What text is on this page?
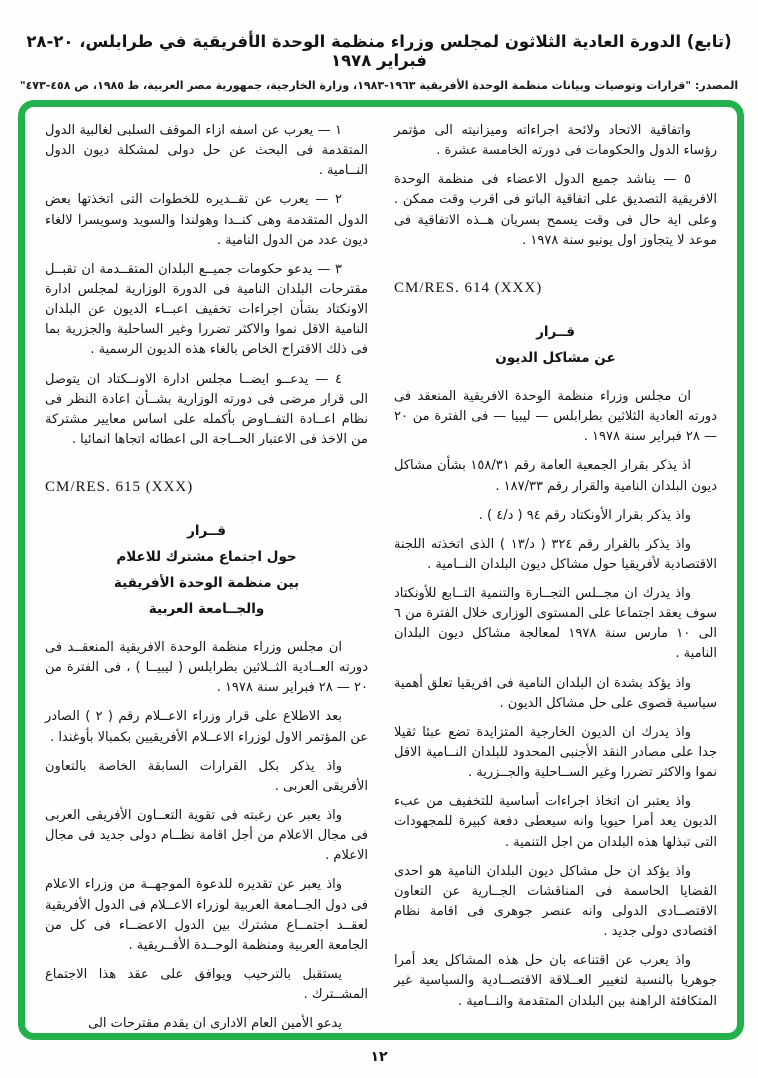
(تابع) الدورة العادية الثلاثون لمجلس وزراء منظمة الوحدة الأفريقية في طرابلس، ٢٠-٢٨ فبراير ١٩٧٨
المصدر: "قرارات وتوصيات وبيانات منظمة الوحدة الأفريقية ١٩٦٣-١٩٨٣، وزارة الخارجية، جمهورية مصر العربية، ط ١٩٨٥، ص ٤٥٨-٤٧٣"
واتفاقية الاتحاد ولائحة اجراءاته وميزانيته الى مؤتمر رؤساء الدول والحكومات فى دورته الخامسة عشرة .
٥ — يناشد جميع الدول الاعضاء فى منظمة الوحدة الافريقية التصديق على اتفاقية الباتو فى اقرب وقت ممكن . وعلى اية حال فى وقت يسمح بسريان هــذه الاتفاقية فى موعد لا يتجاوز اول يونيو سنة ١٩٧٨ .
CM/RES. 614 (XXX)
قــرار
عن مشاكل الديون
ان مجلس وزراء منظمة الوحدة الافريقية المنعقد فى دورته العادية الثلاثين بطرابلس — ليبيا — فى الفترة من ٢٠ — ٢٨ فبراير سنة ١٩٧٨ .
اذ يذكر بقرار الجمعية العامة رقم ١٥٨/٣١ بشأن مشاكل ديون البلدان النامية والقرار رقم ١٨٧/٣٣ .
واذ يذكر بقرار الأونكتاد رقم ٩٤ ( د/٤ ) .
واذ يذكر بالقرار رقم ٣٢٤ ( د/١٣ ) الذى اتخذته اللجنة الاقتصادية لأفريقيا حول مشاكل ديون البلدان النــامية .
واذ يدرك ان مجــلس التجــارة والتنمية التــابع للأونكتاد سوف يعقد اجتماعا على المستوى الوزارى خلال الفترة من ٦ الى ١٠ مارس سنة ١٩٧٨ لمعالجة مشاكل ديون البلدان النامية .
واذ يؤكد بشدة ان البلدان النامية فى افريقيا تعلق أهمية سياسية قصوى على حل مشاكل الديون .
واذ يدرك ان الديون الخارجية المتزايدة تضع عبئا ثقيلا جدا على مصادر النقد الأجنبى المحدود للبلدان النــامية الاقل نموا والاكثر تضررا وغير الســاحلية والجــزرية .
واذ يعتبر ان اتخاذ اجراءات أساسية للتخفيف من عبء الديون يعد أمرا حيويا وانه سيعطى دفعة كبيرة للمجهودات التى تبذلها هذه البلدان من اجل التنمية .
واذ يؤكد ان حل مشاكل ديون البلدان النامية هو احدى القضايا الحاسمة فى المناقشات الجــارية عن التعاون الاقتصــادى الدولى وانه عنصر جوهرى فى اقامة نظام اقتصادى دولى جديد .
واذ يعرب عن اقتناعه بان حل هذه المشاكل يعد أمرا جوهريا بالنسبة لتغيير العــلاقة الاقتصــادية والسياسية غير المتكافئة الراهنة بين البلدان المتقدمة والنــامية .
١ — يعرب عن اسفه ازاء الموقف السلبى لغالبية الدول المتقدمة فى البحث عن حل دولى لمشكلة ديون الدول النــامية .
٢ — يعرب عن تقــديره للخطوات التى اتخذتها بعض الدول المتقدمة وهى كنــدا وهولندا والسويد وسويسرا لالغاء ديون عدد من الدول النامية .
٣ — يدعو حكومات جميــع البلدان المتقــدمة ان تقبــل مقترحات البلدان النامية فى الدورة الوزارية لمجلس ادارة الاونكتاد بشأن اجراءات تخفيف اعبــاء الديون عن البلدان النامية الاقل نموا والاكثر تضررا وغير الساحلية والجزرية بما فى ذلك الاقتراح الخاص بالغاء هذه الديون الرسمية .
٤ — يدعــو ايضــا مجلس ادارة الاونــكتاد ان يتوصل الى قرار مرضى فى دورته الوزارية بشــأن اعادة النظر فى نظام اعــادة التفــاوض بأكمله على اساس معايير مشتركة من الاخذ فى الاعتبار الحــاجة الى اعطائه اتجاها انمائيا .
CM/RES. 615 (XXX)
قــرار
حول اجتماع مشترك للاعلام
بين منظمة الوحدة الأفريقية
والجــامعة العربية
ان مجلس وزراء منظمة الوحدة الافريقية المنعقــد فى دورته العــادية الثــلاثين بطرابلس ( ليبيــا ) ، فى الفترة من ٢٠ — ٢٨ فبراير سنة ١٩٧٨ .
بعد الاطلاع على قرار وزراء الاعــلام رقم ( ٢ ) الصادر عن المؤتمر الاول لوزراء الاعــلام الأفريقيين بكمبالا بأوغندا .
واذ يذكر بكل القرارات السابقة الخاصة بالتعاون الأفريقى العربى .
واذ يعبر عن رغبته فى تقوية التعــاون الأفريقى العربى فى مجال الاعلام من أجل اقامة نظــام دولى جديد فى مجال الاعلام .
واذ يعبر عن تقديره للدعوة الموجهــة من وزراء الاعلام فى دول الجــامعة العربية لوزراء الاعــلام فى الدول الأفريقية لعقــد اجتمــاع مشترك بين الدول الاعضــاء فى كل من الجامعة العربية ومنظمة الوحــدة الأفــريقية .
يستقبل بالترحيب ويوافق على عقد هذا الاجتماع المشــترك .
يدعو الأمين العام الادارى ان يقدم مقترحات الى
١٢
